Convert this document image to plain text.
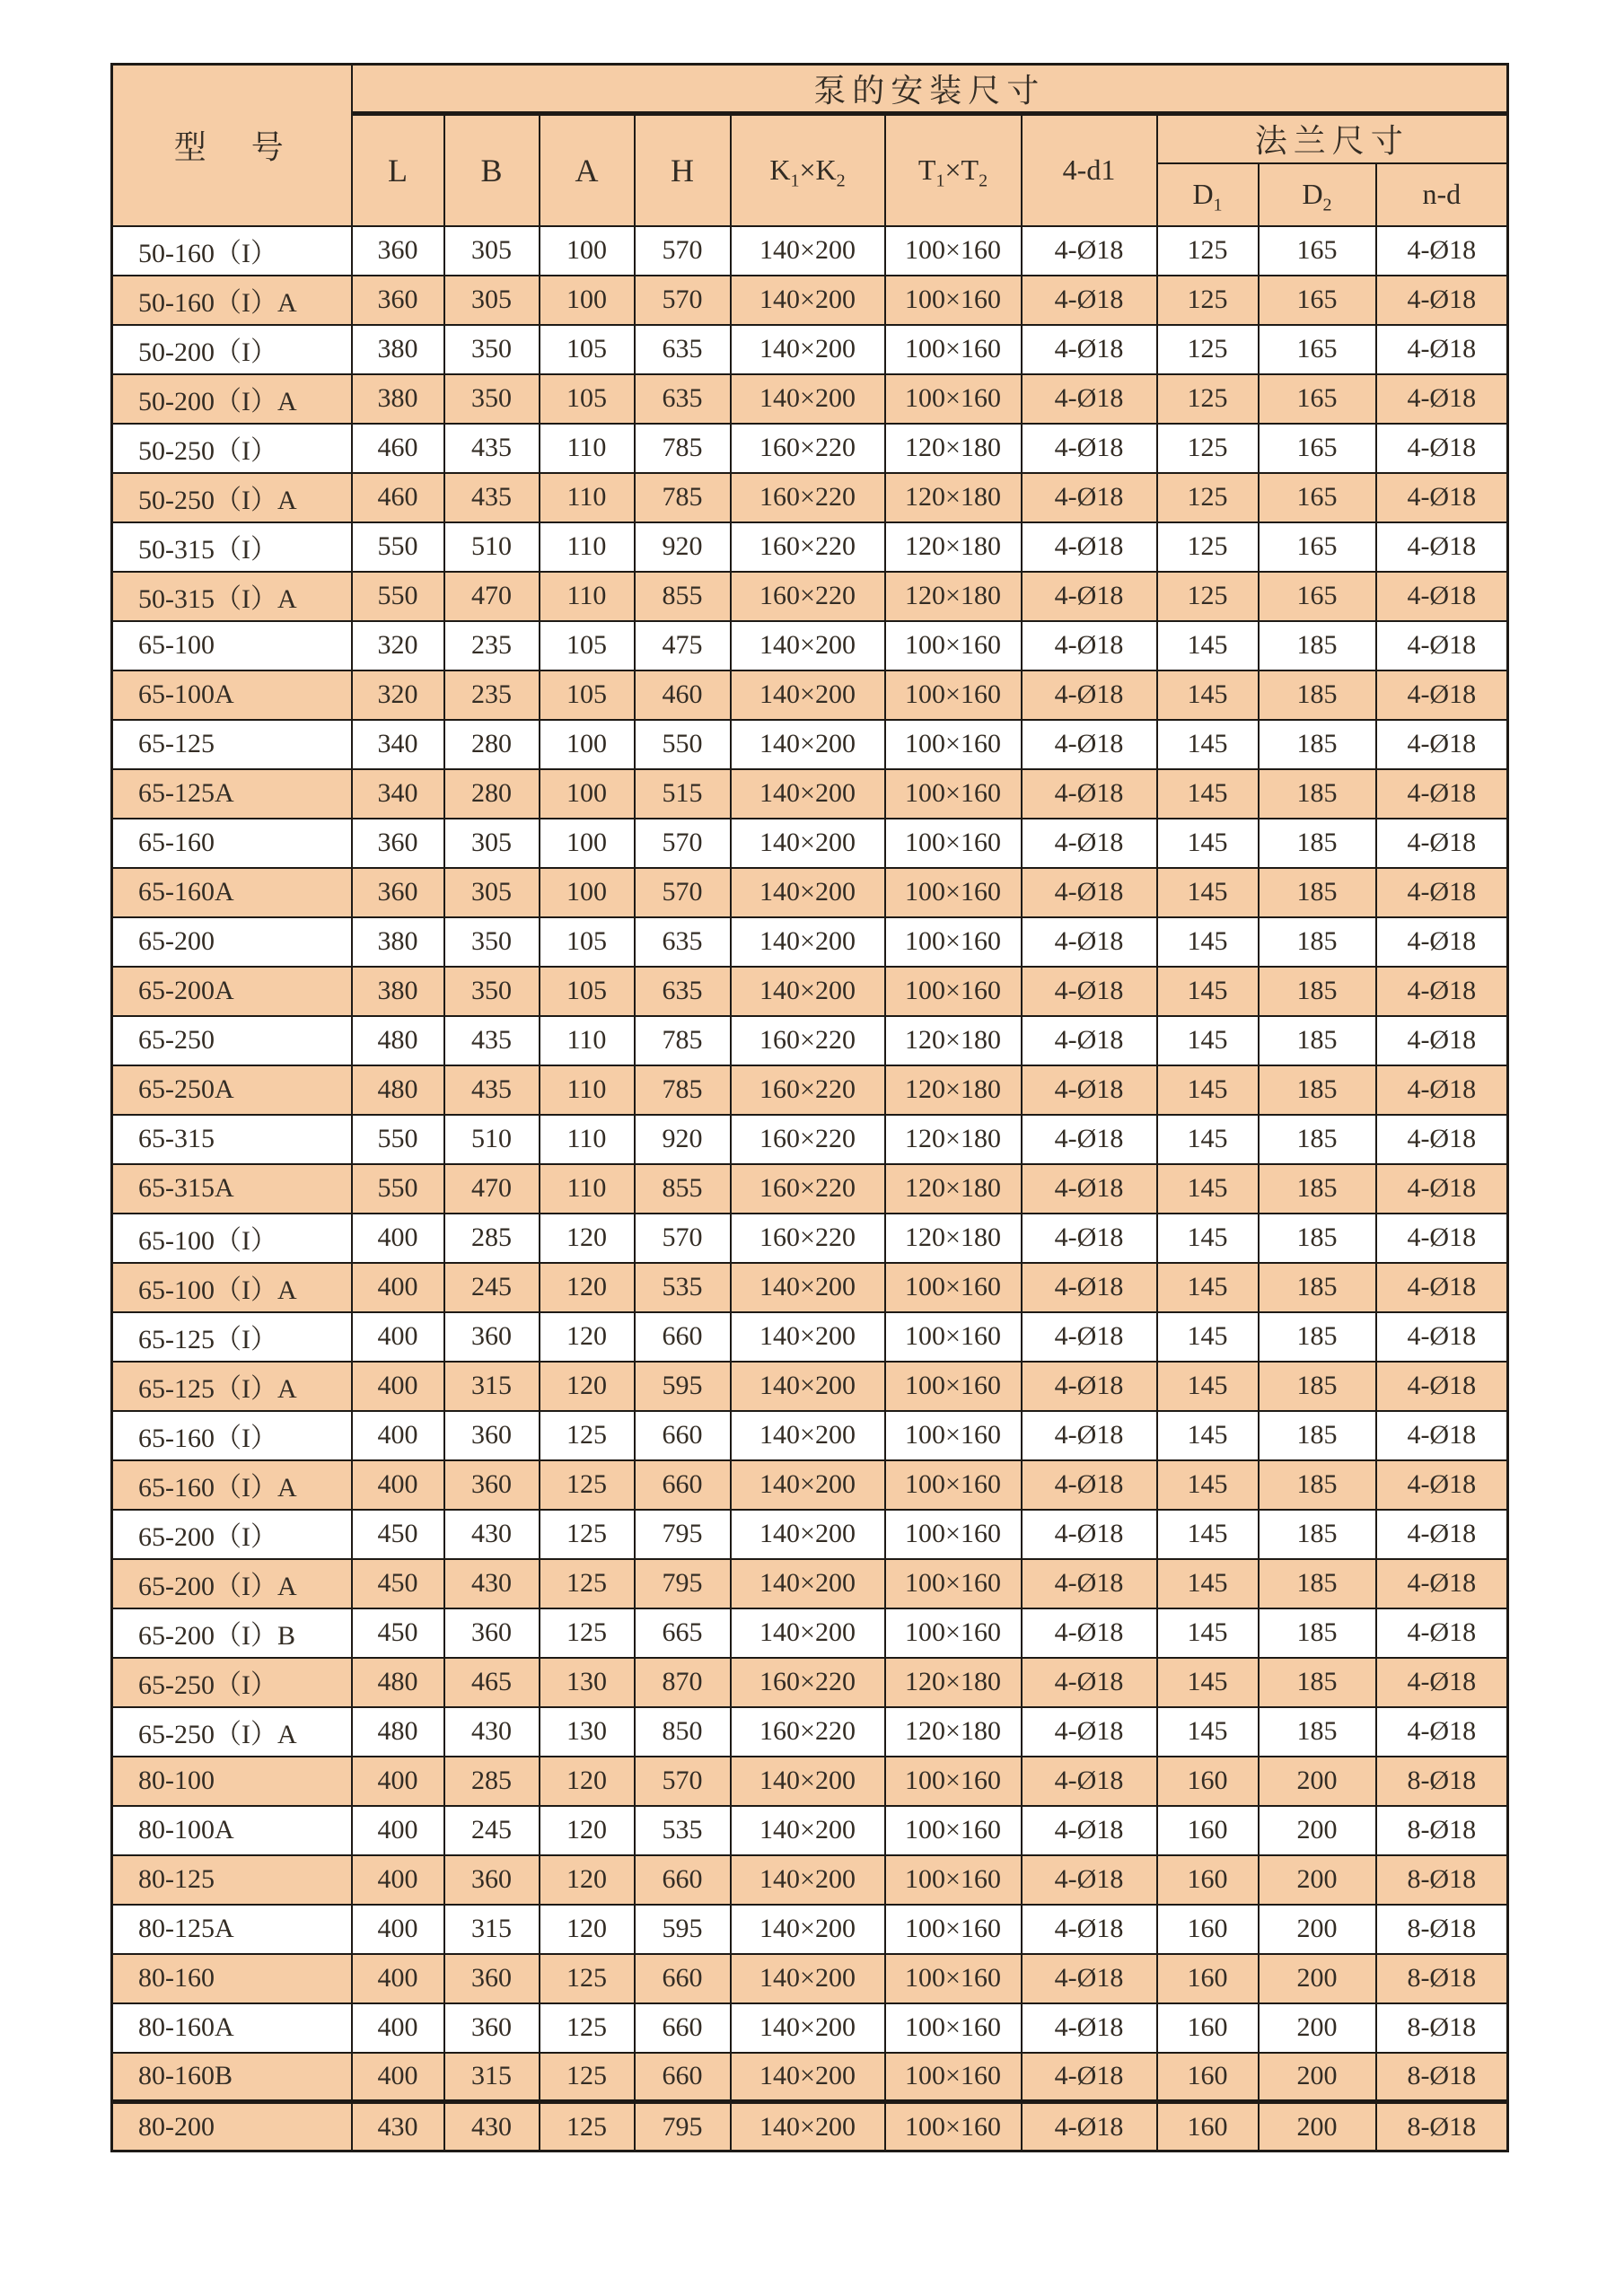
型　号	泵的安装尺寸									
	L	B	A	H	$K_1\times K_2$	$T_1\times T_2$	4-d1	法兰尺寸		
								$D_1$	$D_2$	n-d
50-160（I）	360	305	100	570	140×200	100×160	4-Ø18	125	165	4-Ø18
50-160（I）A	360	305	100	570	140×200	100×160	4-Ø18	125	165	4-Ø18
50-200（I）	380	350	105	635	140×200	100×160	4-Ø18	125	165	4-Ø18
50-200（I）A	380	350	105	635	140×200	100×160	4-Ø18	125	165	4-Ø18
50-250（I）	460	435	110	785	160×220	120×180	4-Ø18	125	165	4-Ø18
50-250（I）A	460	435	110	785	160×220	120×180	4-Ø18	125	165	4-Ø18
50-315（I）	550	510	110	920	160×220	120×180	4-Ø18	125	165	4-Ø18
50-315（I）A	550	470	110	855	160×220	120×180	4-Ø18	125	165	4-Ø18
65-100	320	235	105	475	140×200	100×160	4-Ø18	145	185	4-Ø18
65-100A	320	235	105	460	140×200	100×160	4-Ø18	145	185	4-Ø18
65-125	340	280	100	550	140×200	100×160	4-Ø18	145	185	4-Ø18
65-125A	340	280	100	515	140×200	100×160	4-Ø18	145	185	4-Ø18
65-160	360	305	100	570	140×200	100×160	4-Ø18	145	185	4-Ø18
65-160A	360	305	100	570	140×200	100×160	4-Ø18	145	185	4-Ø18
65-200	380	350	105	635	140×200	100×160	4-Ø18	145	185	4-Ø18
65-200A	380	350	105	635	140×200	100×160	4-Ø18	145	185	4-Ø18
65-250	480	435	110	785	160×220	120×180	4-Ø18	145	185	4-Ø18
65-250A	480	435	110	785	160×220	120×180	4-Ø18	145	185	4-Ø18
65-315	550	510	110	920	160×220	120×180	4-Ø18	145	185	4-Ø18
65-315A	550	470	110	855	160×220	120×180	4-Ø18	145	185	4-Ø18
65-100（I）	400	285	120	570	160×220	120×180	4-Ø18	145	185	4-Ø18
65-100（I）A	400	245	120	535	140×200	100×160	4-Ø18	145	185	4-Ø18
65-125（I）	400	360	120	660	140×200	100×160	4-Ø18	145	185	4-Ø18
65-125（I）A	400	315	120	595	140×200	100×160	4-Ø18	145	185	4-Ø18
65-160（I）	400	360	125	660	140×200	100×160	4-Ø18	145	185	4-Ø18
65-160（I）A	400	360	125	660	140×200	100×160	4-Ø18	145	185	4-Ø18
65-200（I）	450	430	125	795	140×200	100×160	4-Ø18	145	185	4-Ø18
65-200（I）A	450	430	125	795	140×200	100×160	4-Ø18	145	185	4-Ø18
65-200（I）B	450	360	125	665	140×200	100×160	4-Ø18	145	185	4-Ø18
65-250（I）	480	465	130	870	160×220	120×180	4-Ø18	145	185	4-Ø18
65-250（I）A	480	430	130	850	160×220	120×180	4-Ø18	145	185	4-Ø18
80-100	400	285	120	570	140×200	100×160	4-Ø18	160	200	8-Ø18
80-100A	400	245	120	535	140×200	100×160	4-Ø18	160	200	8-Ø18
80-125	400	360	120	660	140×200	100×160	4-Ø18	160	200	8-Ø18
80-125A	400	315	120	595	140×200	100×160	4-Ø18	160	200	8-Ø18
80-160	400	360	125	660	140×200	100×160	4-Ø18	160	200	8-Ø18
80-160A	400	360	125	660	140×200	100×160	4-Ø18	160	200	8-Ø18
80-160B	400	315	125	660	140×200	100×160	4-Ø18	160	200	8-Ø18
80-200	430	430	125	795	140×200	100×160	4-Ø18	160	200	8-Ø18
